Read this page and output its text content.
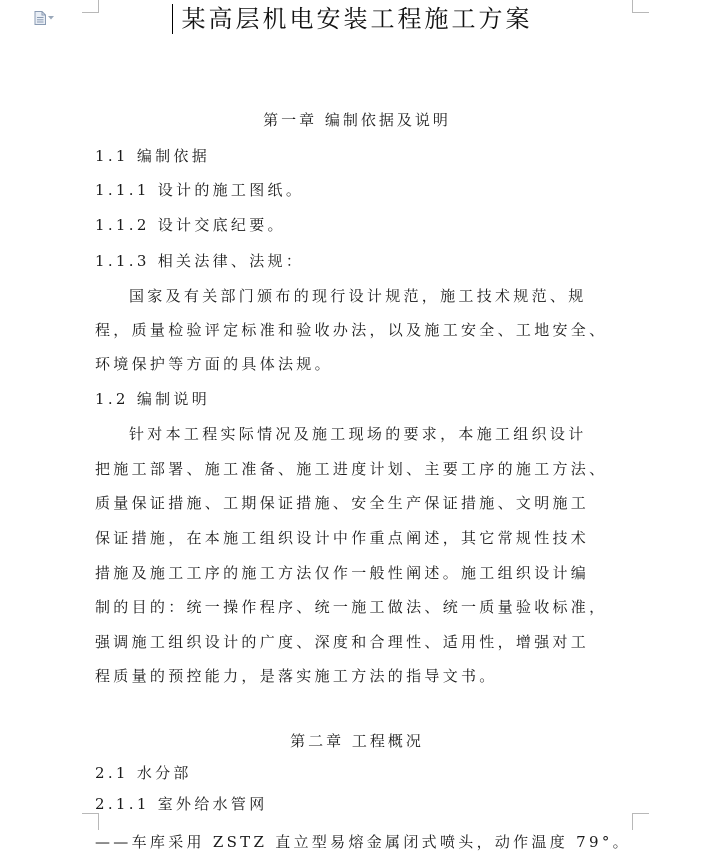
某高层机电安装工程施工方案
第一章 编制依据及说明
1.1 编制依据
1.1.1 设计的施工图纸。
1.1.2 设计交底纪要。
1.1.3 相关法律、法规：
国家及有关部门颁布的现行设计规范，施工技术规范、规
程，质量检验评定标准和验收办法，以及施工安全、工地安全、
环境保护等方面的具体法规。
1.2 编制说明
针对本工程实际情况及施工现场的要求，本施工组织设计
把施工部署、施工准备、施工进度计划、主要工序的施工方法、
质量保证措施、工期保证措施、安全生产保证措施、文明施工
保证措施，在本施工组织设计中作重点阐述，其它常规性技术
措施及施工工序的施工方法仅作一般性阐述。施工组织设计编
制的目的：统一操作程序、统一施工做法、统一质量验收标准，
强调施工组织设计的广度、深度和合理性、适用性，增强对工
程质量的预控能力，是落实施工方法的指导文书。
第二章 工程概况
2.1 水分部
2.1.1 室外给水管网
——车库采用 ZSTZ 直立型易熔金属闭式喷头，动作温度 79°。
